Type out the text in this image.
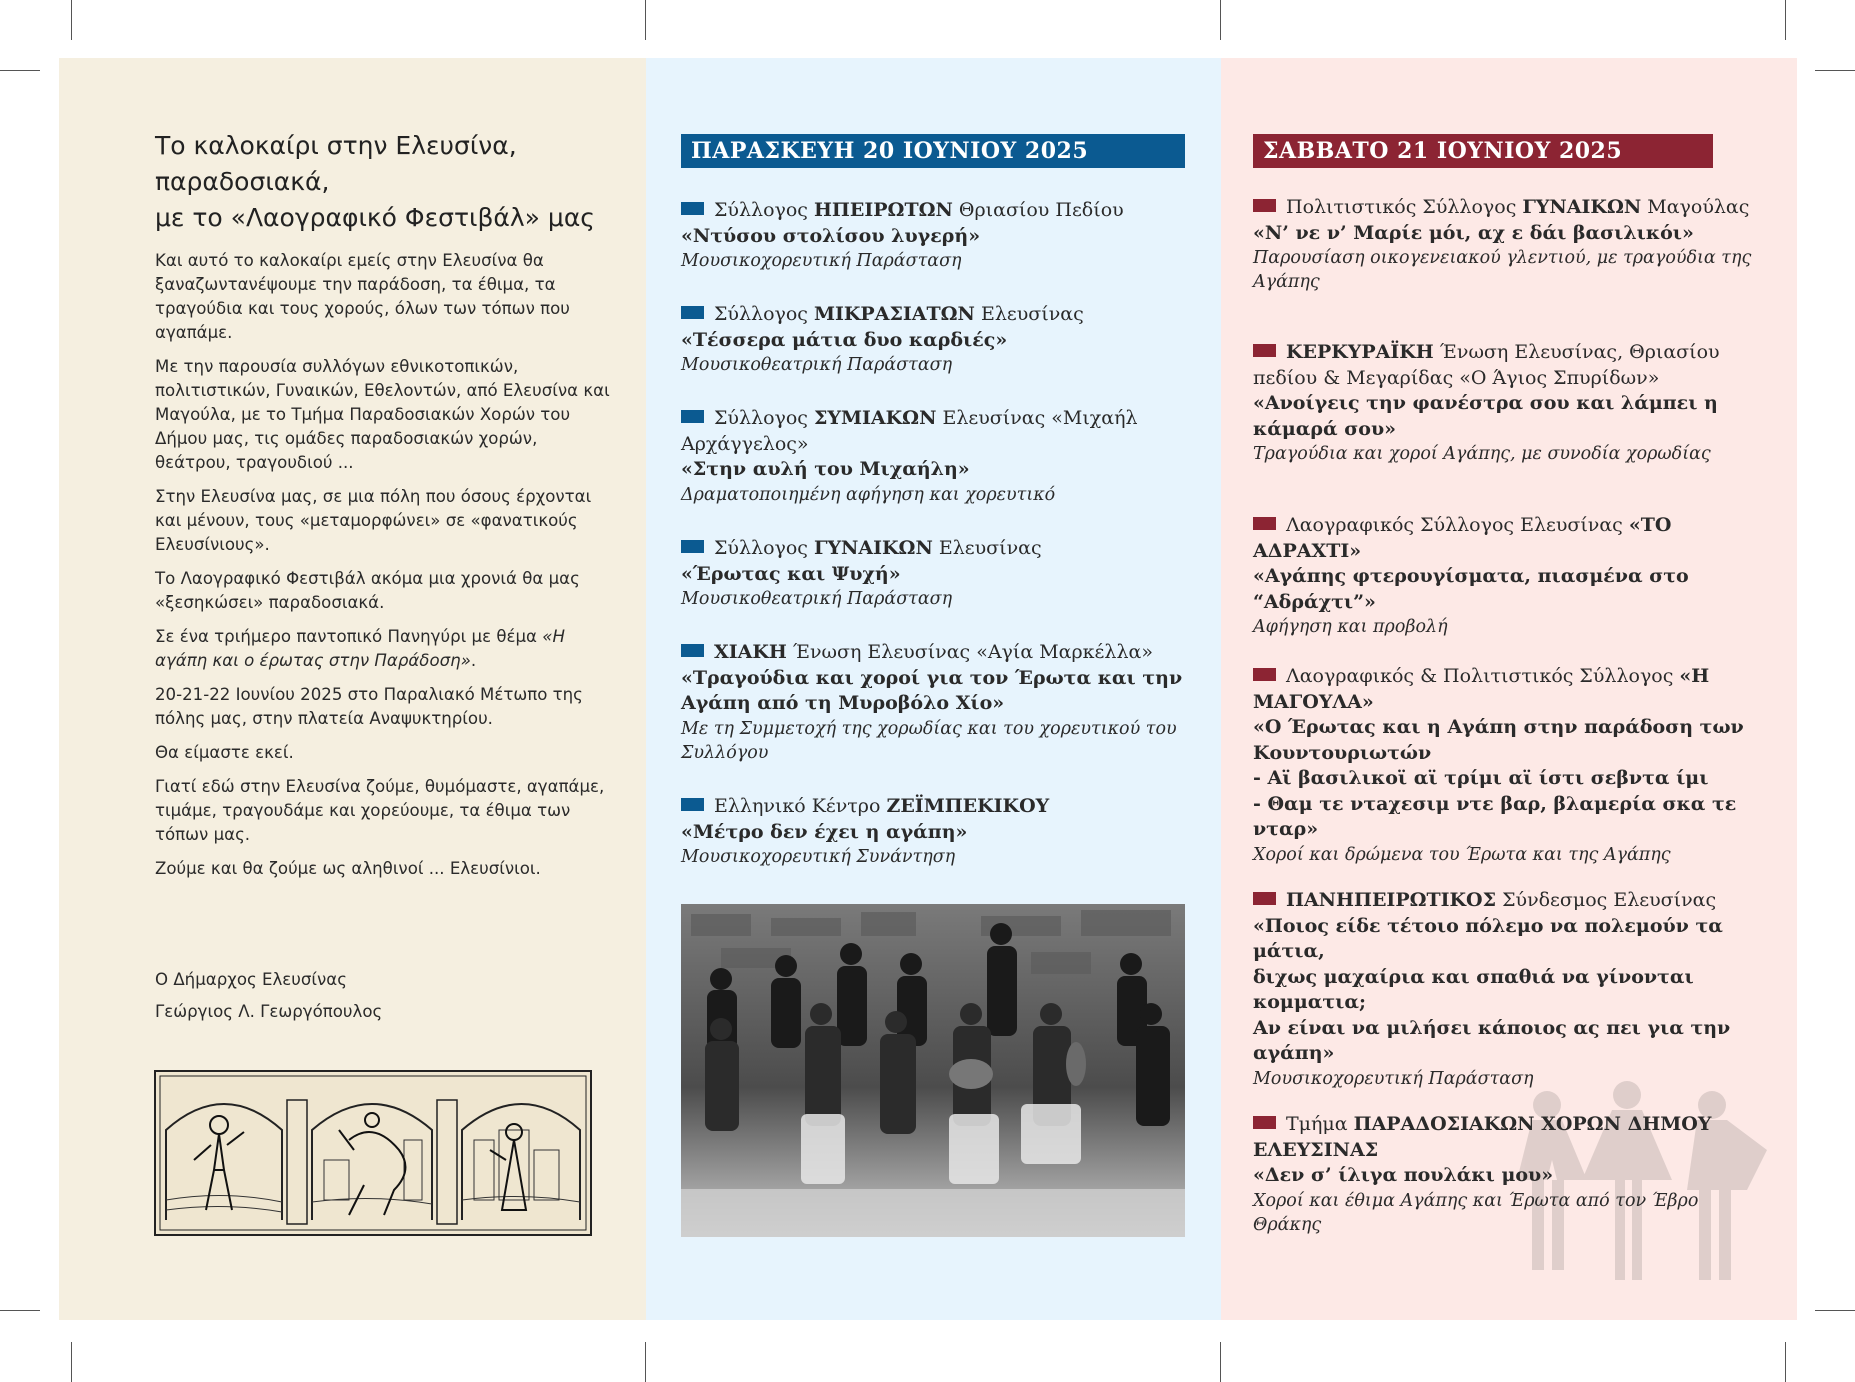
Το καλοκαίρι στην Ελευσίνα,
παραδοσιακά,
με το «Λαογραφικό Φεστιβάλ» μας

Και αυτό το καλοκαίρι εμείς στην Ελευσίνα θα ξαναζωντανέψουμε την παράδοση, τα έθιμα, τα τραγούδια και τους χορούς, όλων των τόπων που αγαπάμε.

Με την παρουσία συλλόγων εθνικοτοπικών, πολιτιστικών, Γυναικών, Εθελοντών, από Ελευσίνα και Μαγούλα, με το Τμήμα Παραδοσιακών Χορών του Δήμου μας, τις ομάδες παραδοσιακών χορών, θεάτρου, τραγουδιού ...

Στην Ελευσίνα μας, σε μια πόλη που όσους έρχονται και μένουν, τους «μεταμορφώνει» σε «φανατικούς Ελευσίνιους».

Το Λαογραφικό Φεστιβάλ ακόμα μια χρονιά θα μας «ξεσηκώσει» παραδοσιακά.

Σε ένα τριήμερο παντοπικό Πανηγύρι με θέμα «Η αγάπη και ο έρωτας στην Παράδοση».

20-21-22 Ιουνίου 2025 στο Παραλιακό Μέτωπο της πόλης μας, στην πλατεία Αναψυκτηρίου.

Θα είμαστε εκεί.

Γιατί εδώ στην Ελευσίνα ζούμε, θυμόμαστε, αγαπάμε, τιμάμε, τραγουδάμε και χορεύουμε, τα έθιμα των τόπων μας.

Ζούμε και θα ζούμε ως αληθινοί ... Ελευσίνιοι.

Ο Δήμαρχος Ελευσίνας
Γεώργιος Λ. Γεωργόπουλος
ΠΑΡΑΣΚΕΥΗ 20 ΙΟΥΝΙΟΥ 2025
Σύλλογος ΗΠΕΙΡΩΤΩΝ Θριασίου Πεδίου
«Ντύσου στολίσου λυγερή»
Μουσικοχορευτική Παράσταση
Σύλλογος ΜΙΚΡΑΣΙΑΤΩΝ Ελευσίνας
«Τέσσερα μάτια δυο καρδιές»
Μουσικοθεατρική Παράσταση
Σύλλογος ΣΥΜΙΑΚΩΝ Ελευσίνας «Μιχαήλ Αρχάγγελος»
«Στην αυλή του Μιχαήλη»
Δραματοποιημένη αφήγηση και χορευτικό
Σύλλογος ΓΥΝΑΙΚΩΝ Ελευσίνας
«Έρωτας και Ψυχή»
Μουσικοθεατρική Παράσταση
ΧΙΑΚΗ Ένωση Ελευσίνας «Αγία Μαρκέλλα»
«Τραγούδια και χοροί για τον Έρωτα και την Αγάπη από τη Μυροβόλο Χίο»
Με τη Συμμετοχή της χορωδίας και του χορευτικού του Συλλόγου
Ελληνικό Κέντρο ΖΕΪΜΠΕΚΙΚΟΥ
«Μέτρο δεν έχει η αγάπη»
Μουσικοχορευτική Συνάντηση
ΣΑΒΒΑΤΟ 21 ΙΟΥΝΙΟΥ 2025
Πολιτιστικός Σύλλογος ΓΥΝΑΙΚΩΝ Μαγούλας
«Ν’ νε ν’ Μαρίε μόι, αχ ε δάι βασιλικόι»
Παρουσίαση οικογενειακού γλεντιού, με τραγούδια της Αγάπης
ΚΕΡΚΥΡΑΪΚΗ Ένωση Ελευσίνας, Θριασίου πεδίου & Μεγαρίδας «Ο Άγιος Σπυρίδων»
«Ανοίγεις την φανέστρα σου και λάμπει η κάμαρά σου»
Τραγούδια και χοροί Αγάπης, με συνοδία χορωδίας
Λαογραφικός Σύλλογος Ελευσίνας «ΤΟ ΑΔΡΑΧΤΙ»
«Αγάπης φτερουγίσματα, πιασμένα στο “Αδράχτι”»
Αφήγηση και προβολή
Λαογραφικός & Πολιτιστικός Σύλλογος «Η ΜΑΓΟΥΛΑ»
«Ο Έρωτας και η Αγάπη στην παράδοση των Κουντουριωτών
- Αϊ βασιλικοϊ αϊ τρίμι αϊ ίστι σεβντα ίμι
- Θαμ τε ντaχεσιμ ντε βαρ, βλαμερία σκα τε νταρ»
Χοροί και δρώμενα του Έρωτα και της Αγάπης
ΠΑΝΗΠΕΙΡΩΤΙΚΟΣ Σύνδεσμος Ελευσίνας
«Ποιος είδε τέτοιο πόλεμο να πολεμούν τα μάτια,
διχως μαχαίρια και σπαθιά να γίνονται κομματια;
Αν είναι να μιλήσει κάποιος ας πει για την αγάπη»
Μουσικοχορευτική Παράσταση
Τμήμα ΠΑΡΑΔΟΣΙΑΚΩΝ ΧΟΡΩΝ ΔΗΜΟΥ ΕΛΕΥΣΙΝΑΣ
«Δεν σ’ ίλιγα πουλάκι μου»
Χοροί και έθιμα Αγάπης και Έρωτα από τον Έβρο Θράκης
